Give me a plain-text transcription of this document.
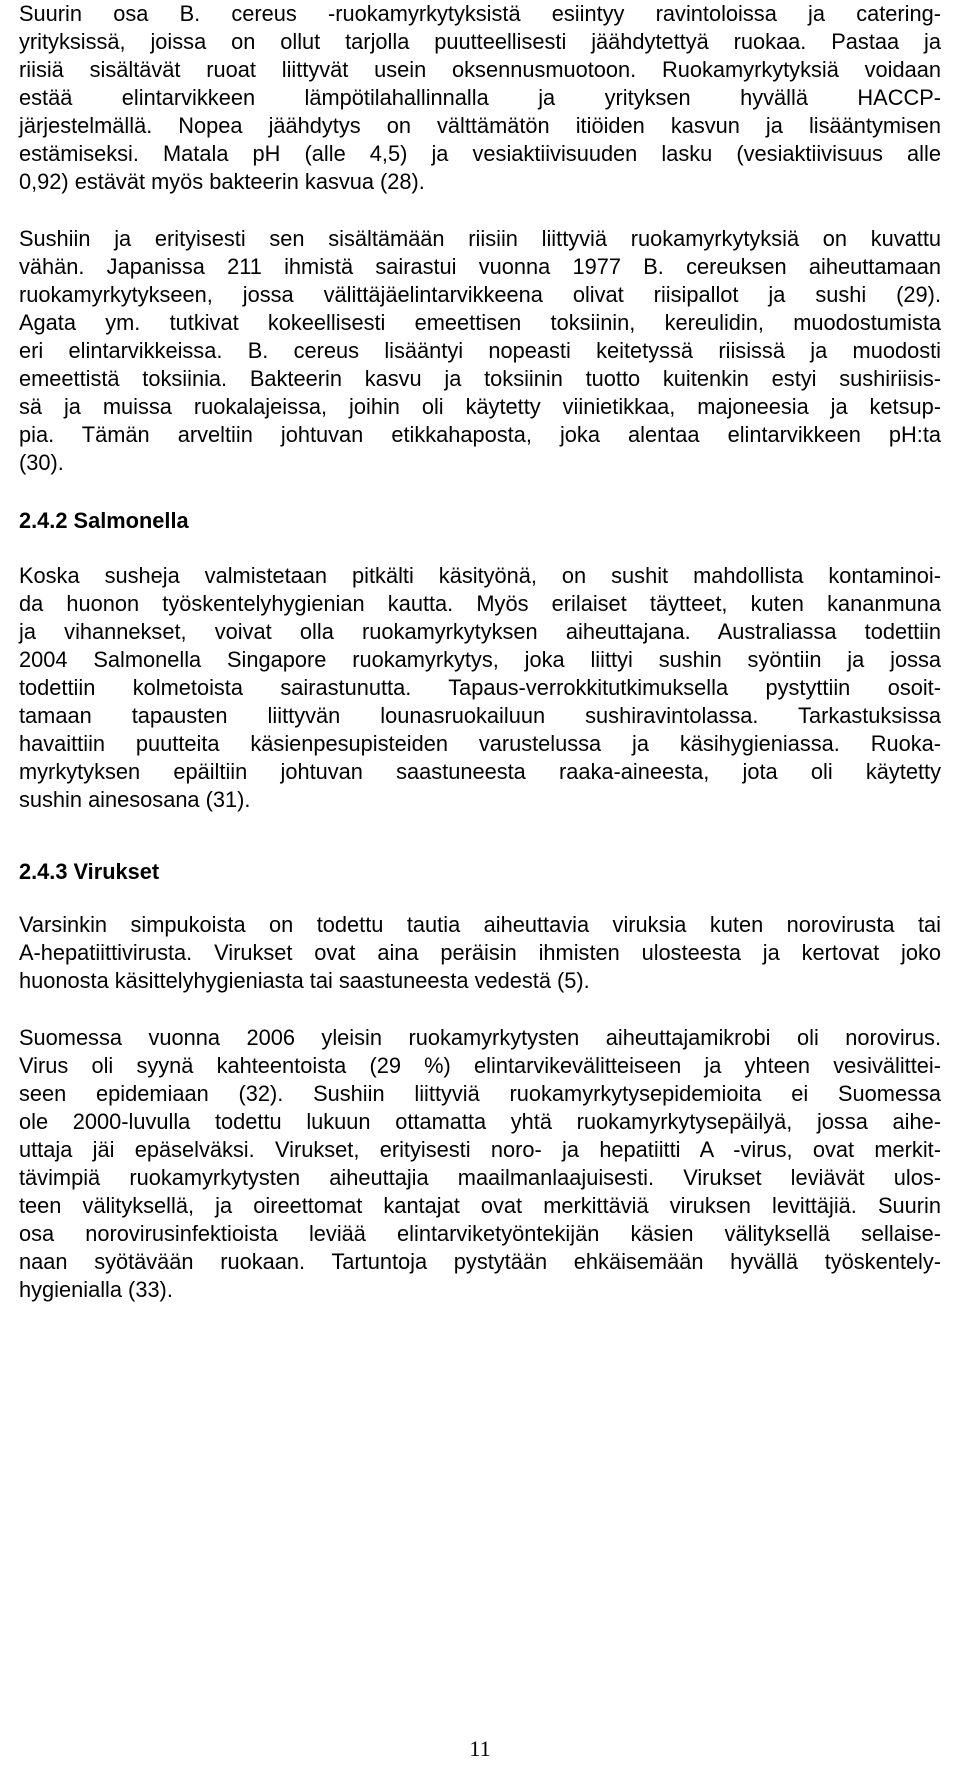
Suurin osa B. cereus -ruokamyrkytyksistä esiintyy ravintoloissa ja catering-
yrityksissä, joissa on ollut tarjolla puutteellisesti jäähdytettyä ruokaa. Pastaa ja
riisiä sisältävät ruoat liittyvät usein oksennusmuotoon. Ruokamyrkytyksiä voidaan
estää elintarvikkeen lämpötilahallinnalla ja yrityksen hyvällä HACCP-
järjestelmällä. Nopea jäähdytys on välttämätön itiöiden kasvun ja lisääntymisen
estämiseksi. Matala pH (alle 4,5) ja vesiaktiivisuuden lasku (vesiaktiivisuus alle
0,92) estävät myös bakteerin kasvua (28).
Sushiin ja erityisesti sen sisältämään riisiin liittyviä ruokamyrkytyksiä on kuvattu
vähän. Japanissa 211 ihmistä sairastui vuonna 1977 B. cereuksen aiheuttamaan
ruokamyrkytykseen, jossa välittäjäelintarvikkeena olivat riisipallot ja sushi (29).
Agata ym. tutkivat kokeellisesti emeettisen toksiinin, kereulidin, muodostumista
eri elintarvikkeissa. B. cereus lisääntyi nopeasti keitetyssä riisissä ja muodosti
emeettistä toksiinia. Bakteerin kasvu ja toksiinin tuotto kuitenkin estyi sushiriisis-
sä ja muissa ruokalajeissa, joihin oli käytetty viinietikkaa, majoneesia ja ketsup-
pia. Tämän arveltiin johtuvan etikkahaposta, joka alentaa elintarvikkeen pH:ta
(30).
2.4.2 Salmonella
Koska susheja valmistetaan pitkälti käsityönä, on sushit mahdollista kontaminoi-
da huonon työskentelyhygienian kautta. Myös erilaiset täytteet, kuten kananmuna
ja vihannekset, voivat olla ruokamyrkytyksen aiheuttajana. Australiassa todettiin
2004 Salmonella Singapore ruokamyrkytys, joka liittyi sushin syöntiin ja jossa
todettiin kolmetoista sairastunutta. Tapaus-verrokkitutkimuksella pystyttiin osoit-
tamaan tapausten liittyvän lounasruokailuun sushiravintolassa. Tarkastuksissa
havaittiin puutteita käsienpesupisteiden varustelussa ja käsihygieniassa. Ruoka-
myrkytyksen epäiltiin johtuvan saastuneesta raaka-aineesta, jota oli käytetty
sushin ainesosana (31).
2.4.3 Virukset
Varsinkin simpukoista on todettu tautia aiheuttavia viruksia kuten norovirusta tai
A-hepatiittivirusta. Virukset ovat aina peräisin ihmisten ulosteesta ja kertovat joko
huonosta käsittelyhygieniasta tai saastuneesta vedestä (5).
Suomessa vuonna 2006 yleisin ruokamyrkytysten aiheuttajamikrobi oli norovirus.
Virus oli syynä kahteentoista (29 %) elintarvikevälitteiseen ja yhteen vesivälittei-
seen epidemiaan (32). Sushiin liittyviä ruokamyrkytysepidemioita ei Suomessa
ole 2000-luvulla todettu lukuun ottamatta yhtä ruokamyrkytysepäilyä, jossa aihe-
uttaja jäi epäselväksi. Virukset, erityisesti noro- ja hepatiitti A -virus, ovat merkit-
tävimpiä ruokamyrkytysten aiheuttajia maailmanlaajuisesti. Virukset leviävät ulos-
teen välityksellä, ja oireettomat kantajat ovat merkittäviä viruksen levittäjiä. Suurin
osa norovirusinfektioista leviää elintarviketyöntekijän käsien välityksellä sellaise-
naan syötävään ruokaan. Tartuntoja pystytään ehkäisemään hyvällä työskentely-
hygienialla (33).
11
